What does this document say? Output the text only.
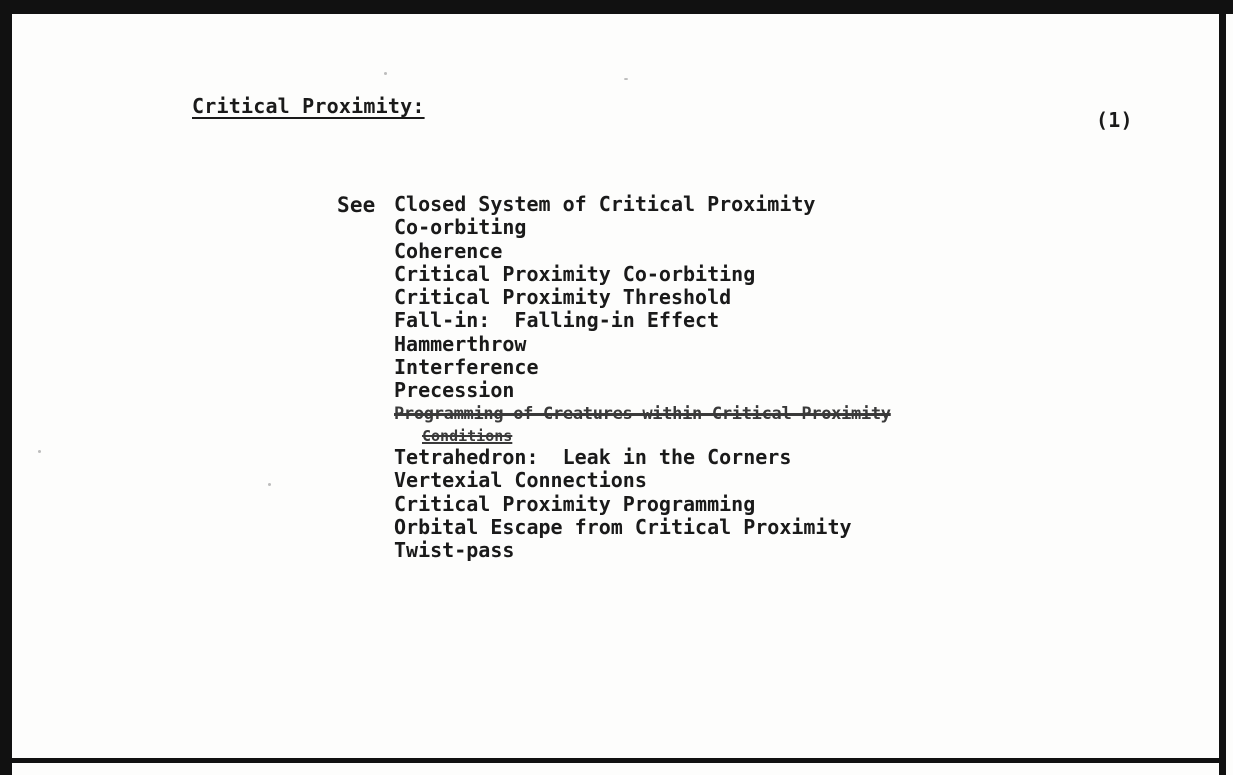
Critical Proximity:
(1)
See Closed System of Critical Proximity
Co-orbiting
Coherence
Critical Proximity Co-orbiting
Critical Proximity Threshold
Fall-in:  Falling-in Effect
Hammerthrow
Interference
Precession
Programming of Creatures within Critical Proximity
Conditions
Tetrahedron:  Leak in the Corners
Vertexial Connections
Critical Proximity Programming
Orbital Escape from Critical Proximity
Twist-pass
